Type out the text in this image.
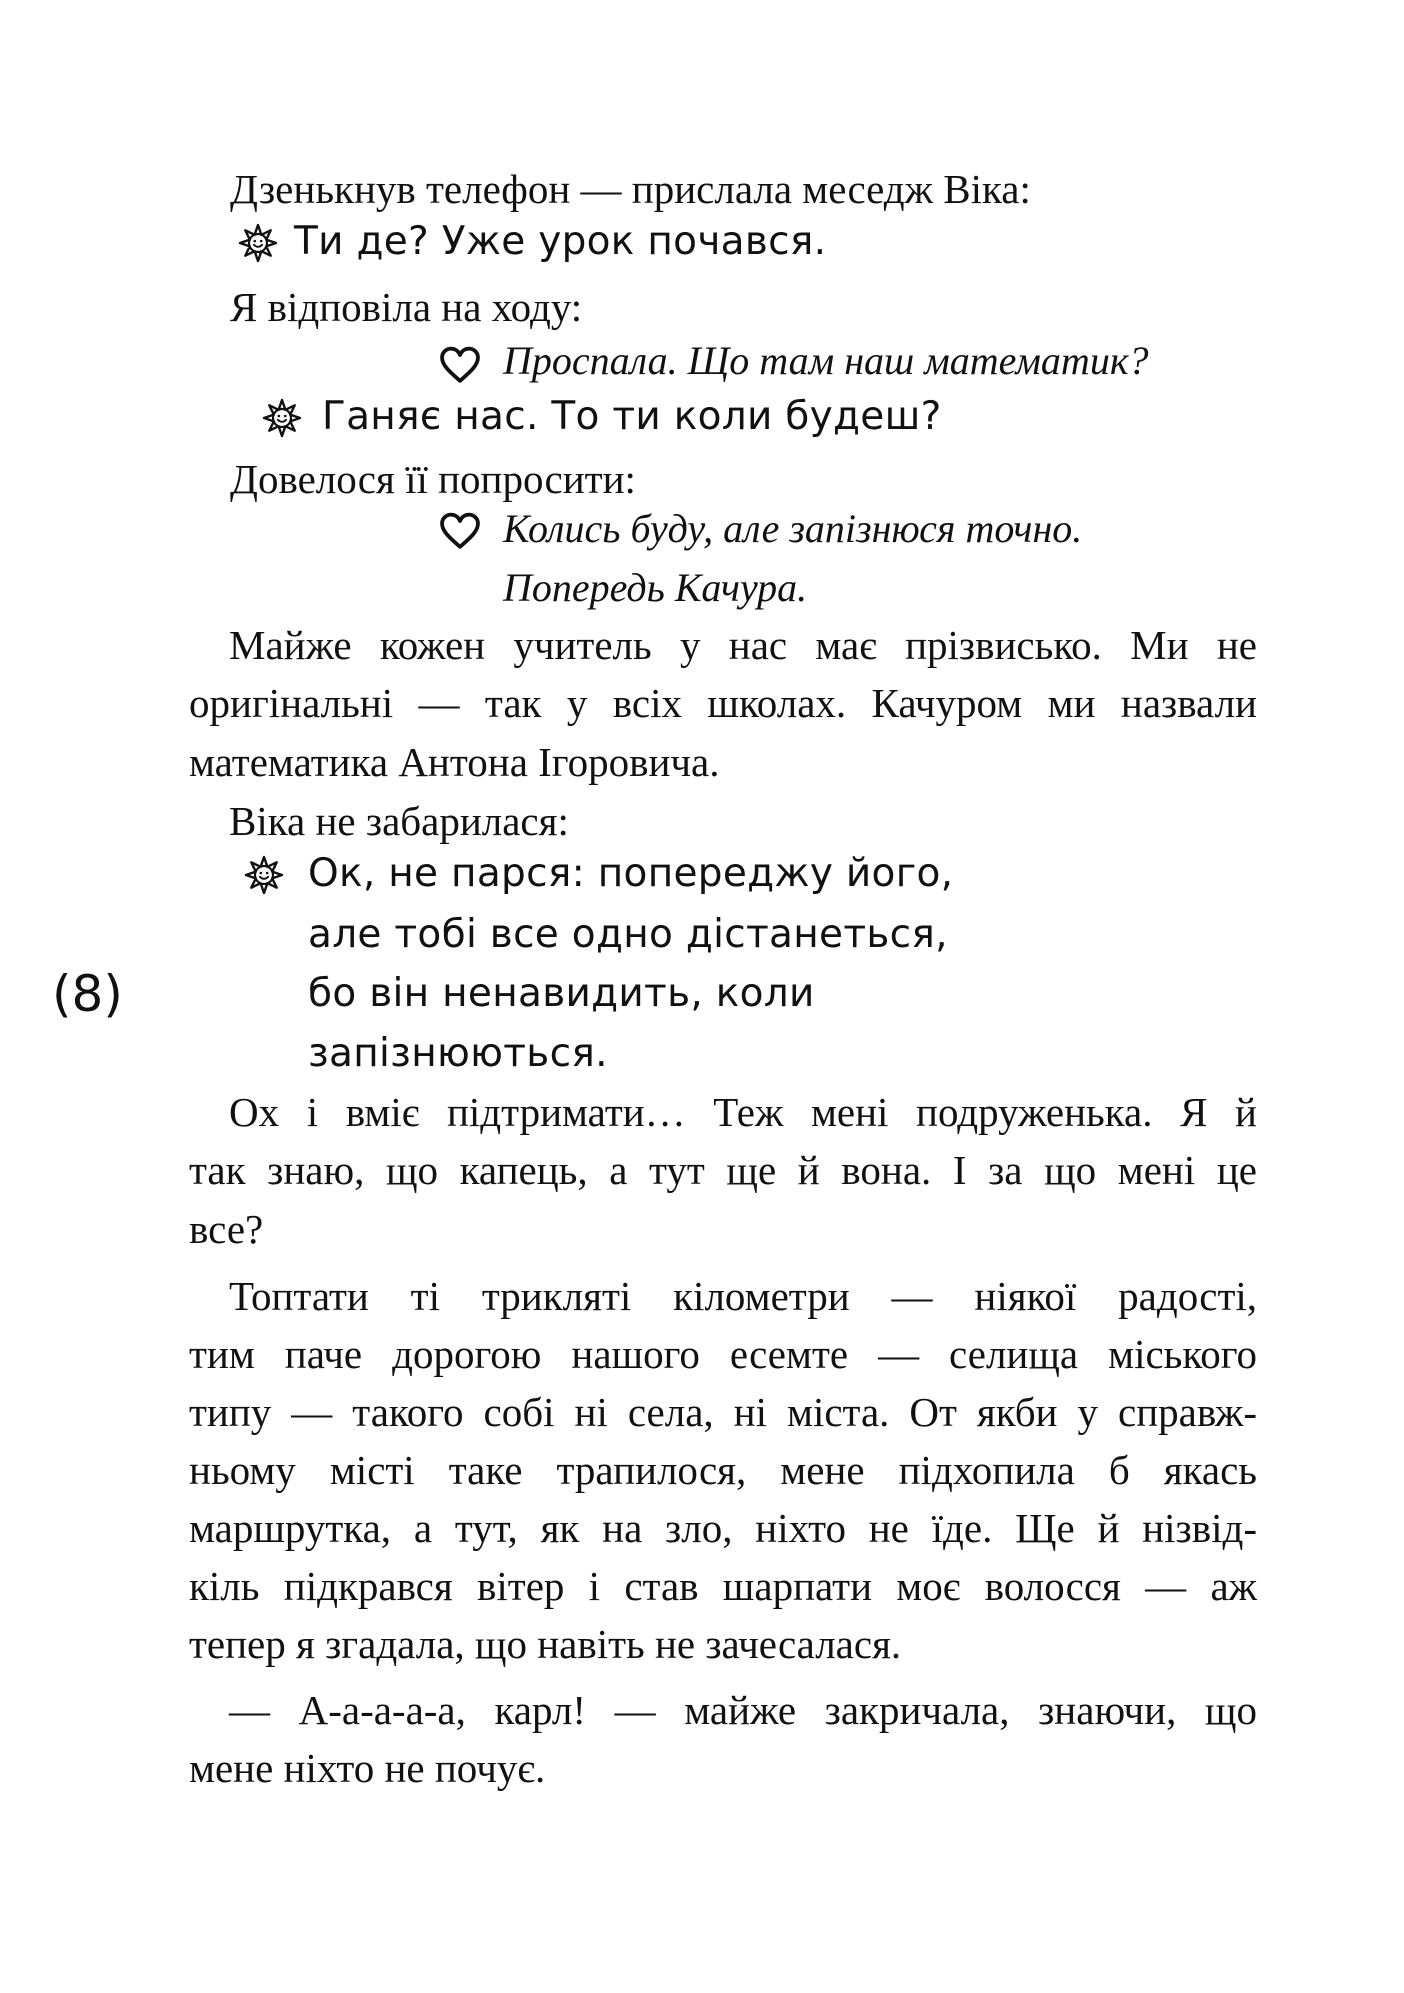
Дзенькнув телефон — прислала меседж Віка:

Ти де? Уже урок почався.

Я відповіла на ходу:

Проспала. Що там наш математик?

Ганяє нас. То ти коли будеш?

Довелося її попросити:

Колись буду, але запізнюся точно.

Попередь Качура.

Майже кожен учитель у нас має прізвисько. Ми не

оригінальні — так у всіх школах. Качуром ми назвали

математика Антона Ігоровича.

Віка не забарилася:

Ок, не парся: попереджу його,

але тобі все одно дістанеться,

(8)	бо він ненавидить, коли

запізнюються.

Ох і вміє підтримати… Теж мені подруженька. Я й

так знаю, що капець, а тут ще й вона. І за що мені це

все?

Топтати ті трикляті кілометри — ніякої радості,

тим паче дорогою нашого есемте — селища міського

типу — такого собі ні села, ні міста. От якби у справж-

ньому місті таке трапилося, мене підхопила б якась

маршрутка, а тут, як на зло, ніхто не їде. Ще й нізвід-

кіль підкрався вітер і став шарпати моє волосся — аж

тепер я згадала, що навіть не зачесалася.

— А-а-а-а-а, карл! — майже закричала, знаючи, що

мене ніхто не почує.
